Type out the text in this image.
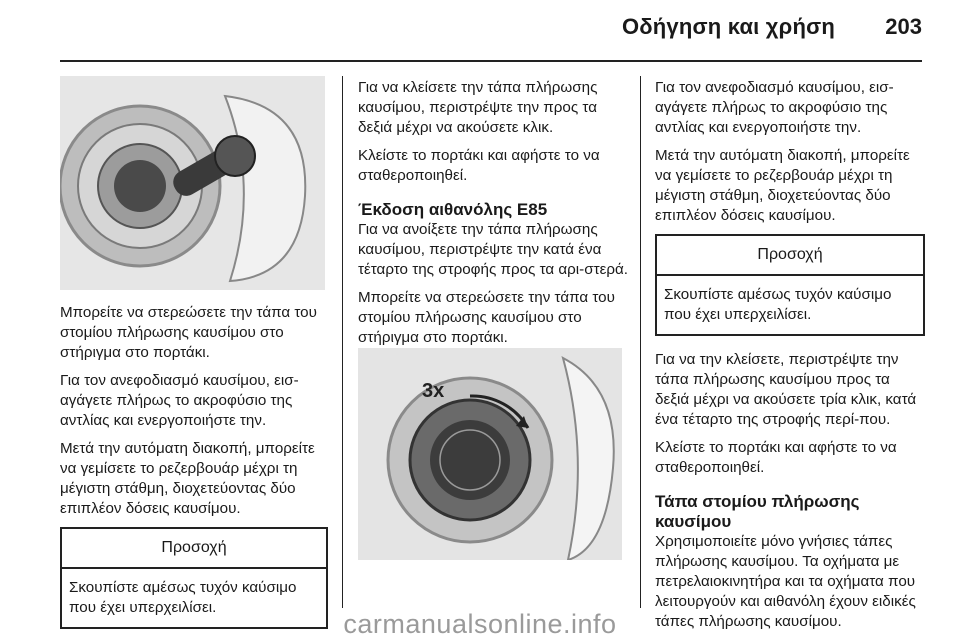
Οδήγηση και χρήση 203

Μπορείτε να στερεώσετε την τάπα του στομίου πλήρωσης καυσίμου στο στήριγμα στο πορτάκι.

Για τον ανεφοδιασμό καυσίμου, εισ-αγάγετε πλήρως το ακροφύσιο της αντλίας και ενεργοποιήστε την.

Μετά την αυτόματη διακοπή, μπορείτε να γεμίσετε το ρεζερβουάρ μέχρι τη μέγιστη στάθμη, διοχετεύοντας δύο επιπλέον δόσεις καυσίμου.

Προσοχή
Σκουπίστε αμέσως τυχόν καύσιμο που έχει υπερχειλίσει.

Για να κλείσετε την τάπα πλήρωσης καυσίμου, περιστρέψτε την προς τα δεξιά μέχρι να ακούσετε κλικ.

Κλείστε το πορτάκι και αφήστε το να σταθεροποιηθεί.

Έκδοση αιθανόλης E85

Για να ανοίξετε την τάπα πλήρωσης καυσίμου, περιστρέψτε την κατά ένα τέταρτο της στροφής προς τα αρι-στερά.

Μπορείτε να στερεώσετε την τάπα του στομίου πλήρωσης καυσίμου στο στήριγμα στο πορτάκι.

3x

Για τον ανεφοδιασμό καυσίμου, εισ-αγάγετε πλήρως το ακροφύσιο της αντλίας και ενεργοποιήστε την.

Μετά την αυτόματη διακοπή, μπορείτε να γεμίσετε το ρεζερβουάρ μέχρι τη μέγιστη στάθμη, διοχετεύοντας δύο επιπλέον δόσεις καυσίμου.

Προσοχή
Σκουπίστε αμέσως τυχόν καύσιμο που έχει υπερχειλίσει.

Για να την κλείσετε, περιστρέψτε την τάπα πλήρωσης καυσίμου προς τα δεξιά μέχρι να ακούσετε τρία κλικ, κατά ένα τέταρτο της στροφής περί-που.

Κλείστε το πορτάκι και αφήστε το να σταθεροποιηθεί.

Τάπα στομίου πλήρωσης καυσίμου

Χρησιμοποιείτε μόνο γνήσιες τάπες πλήρωσης καυσίμου. Τα οχήματα με πετρελαιοκινητήρα και τα οχήματα που λειτουργούν και αιθανόλη έχουν ειδικές τάπες πλήρωσης καυσίμου.

carmanualsonline.info
